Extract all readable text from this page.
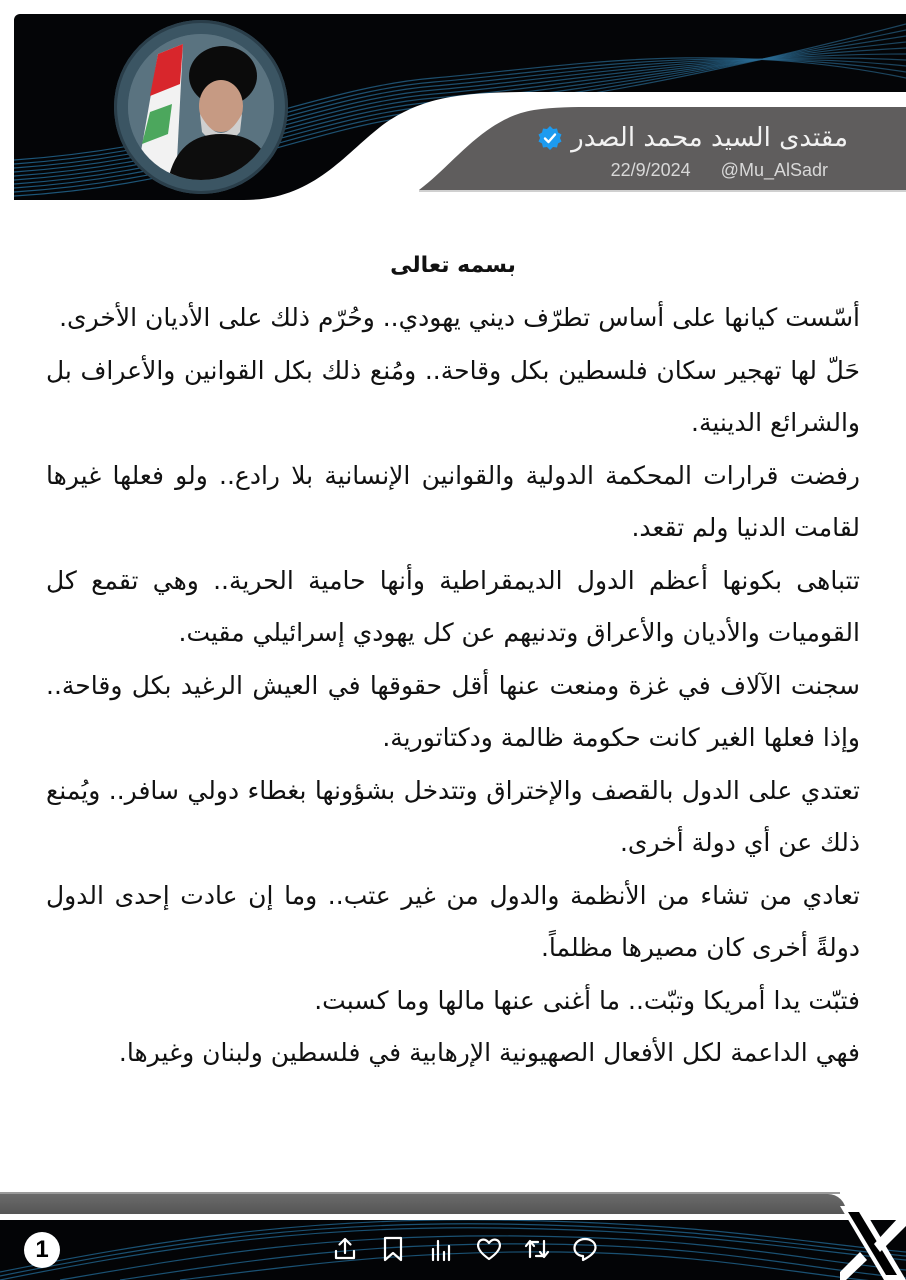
مقتدى السيد محمد الصدر
22/9/2024 @Mu_AlSadr
بسمه تعالى
أسّست كيانها على أساس تطرّف ديني يهودي.. وحُرّم ذلك على الأديان الأخرى.
حَلّ لها تهجير سكان فلسطين بكل وقاحة.. ومُنع ذلك بكل القوانين والأعراف بل والشرائع الدينية.
رفضت قرارات المحكمة الدولية والقوانين الإنسانية بلا رادع.. ولو فعلها غيرها لقامت الدنيا ولم تقعد.
تتباهى بكونها أعظم الدول الديمقراطية وأنها حامية الحرية.. وهي تقمع كل القوميات والأديان والأعراق وتدنيهم عن كل يهودي إسرائيلي مقيت.
سجنت الآلاف في غزة ومنعت عنها أقل حقوقها في العيش الرغيد بكل وقاحة.. وإذا فعلها الغير كانت حكومة ظالمة ودكتاتورية.
تعتدي على الدول بالقصف والإختراق وتتدخل بشؤونها بغطاء دولي سافر.. ويُمنع ذلك عن أي دولة أخرى.
تعادي من تشاء من الأنظمة والدول من غير عتب.. وما إن عادت إحدى الدول دولةً أخرى كان مصيرها مظلماً.
فتبّت يدا أمريكا وتبّت.. ما أغنى عنها مالها وما كسبت.
فهي الداعمة لكل الأفعال الصهيونية الإرهابية في فلسطين ولبنان وغيرها.
1
